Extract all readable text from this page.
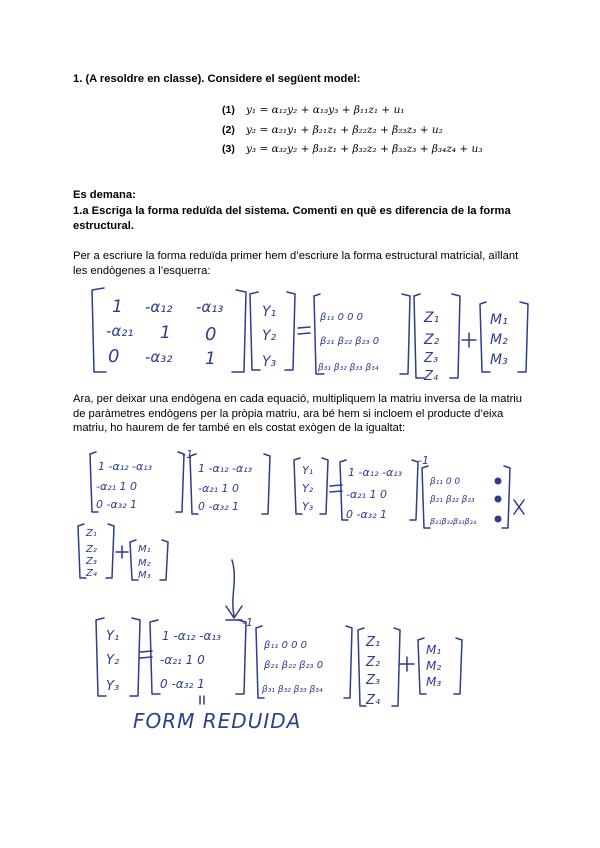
1. (A resoldre en classe). Considere el següent model:
(1) y₁ = α₁₂y₂ + α₁₃y₃ + β₁₁z₁ + u₁
(2) y₂ = α₂₁y₁ + β₂₁z₁ + β₂₂z₂ + β₂₃z₃ + u₂
(3) y₃ = α₃₂y₂ + β₃₁z₁ + β₃₂z₂ + β₃₃z₃ + β₃₄z₄ + u₃
Es demana:
1.a Escriga la forma reduïda del sistema. Comenti en què es diferencia de la forma estructural.
Per a escriure la forma reduïda primer hem d’escriure la forma estructural matricial, aïllant les endògenes a l’esquerra:
Ara, per deixar una endògena en cada equació, multipliquem la matriu inversa de la matriu de paràmetres endògens per la pròpia matriu, ara bé hem si incloem el producte d’eixa matriu, ho haurem de fer també en els costat exògen de la igualtat:
1 -α₁₂ -α₁₃
-α₂₁ 1 0
0 -α₃₂ 1
Y₁
Y₂
Y₃
β₁₁ 0 0 0
β₂₁ β₂₂ β₂₃ 0
β₃₁ β₃₂ β₃₃ β₃₄
Z₁
Z₂
Z₃
Z₄
M₁
M₂
M₃
-1
1 -α₁₂ -α₁₃
-α₂₁ 1 0
0 -α₃₂ 1
1 -α₁₂ -α₁₃
-α₂₁ 1 0
0 -α₃₂ 1
Y₁
Y₂
Y₃
-1
1 -α₁₂ -α₁₃
-α₂₁ 1 0
0 -α₃₂ 1
β₁₁ 0 0
β₂₁ β₂₂ β₂₃
β₃₁β₃₂β₃₃β₃₄
Z₁
Z₂
Z₃
Z₄
M₁
M₂
M₃
Y₁
Y₂
Y₃
-1
1 -α₁₂ -α₁₃
-α₂₁ 1 0
0 -α₃₂ 1
β₁₁ 0 0 0
β₂₁ β₂₂ β₂₃ 0
β₃₁ β₃₂ β₃₃ β₃₄
Z₁
Z₂
Z₃
Z₄
M₁
M₂
M₃
FORM REDUIDA
